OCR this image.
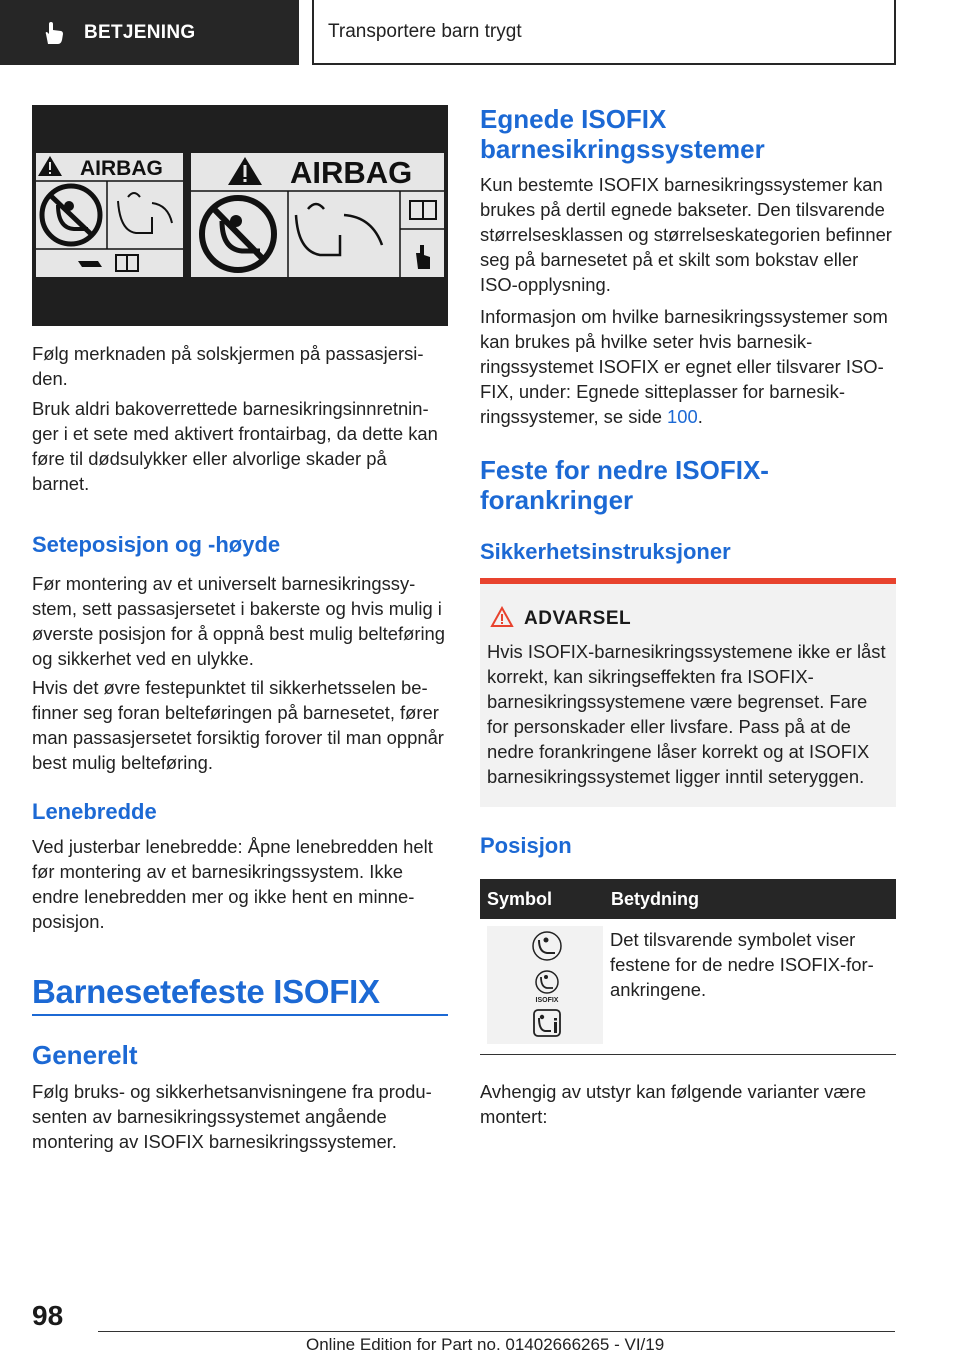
BETJENING	Transportere barn trygt
AIRBAG	AIRBAG

Følg merknaden på solskjermen på passasjersiden.

Bruk aldri bakoverrettede barnesikringsinnretninger i et sete med aktivert frontairbag, da dette kan føre til dødsulykker eller alvorlige skader på barnet.

Seteposisjon og -høyde

Før montering av et universelt barnesikringssystem, sett passasjersetet i bakerste og hvis mulig i øverste posisjon for å oppnå best mulig belteføring og sikkerhet ved en ulykke.

Hvis det øvre festepunktet til sikkerhetsselen befinner seg foran belteføringen på barnesetet, fører man passasjersetet forsiktig forover til man oppnår best mulig belteføring.

Lenebredde

Ved justerbar lenebredde: Åpne lenebredden helt før montering av et barnesikringssystem. Ikke endre lenebredden mer og ikke hent en minne-posisjon.

Barnesetefeste ISOFIX
Generelt

Følg bruks- og sikkerhetsanvisningene fra produsenten av barnesikringssystemet angående montering av ISOFIX barnesikringssystemer.

Egnede ISOFIX
barnesikringssystemer

Kun bestemte ISOFIX barnesikringssystemer kan brukes på dertil egnede bakseter. Den tilsvarende størrelsesklassen og størrelseskategorien befinner seg på barnesetet på et skilt som bokstav eller ISO-opplysning.

Informasjon om hvilke barnesikringssystemer som kan brukes på hvilke seter hvis barnesikringssystemet ISOFIX er egnet eller tilsvarer ISOFIX, under: Egnede sitteplasser for barnesikringssystemer, se side 100.

Feste for nedre ISOFIX-
forankringer
Sikkerhetsinstruksjoner
Posisjon

Avhengig av utstyr kan følgende varianter være montert:

ADVARSEL

Hvis ISOFIX-barnesikringssystemene ikke er låst korrekt, kan sikringseffekten fra ISOFIX-barnesikringssystemene være begrenset. Fare for personskader eller livsfare. Pass på at de nedre forankringene låser korrekt og at ISOFIX barnesikringssystemet ligger inntil seteryggen.

Symbol	Betydning
ISOFIX

Det tilsvarende symbolet viser festene for de nedre ISOFIX-forankringene.

98
Online Edition for Part no. 01402666265 - VI/19
